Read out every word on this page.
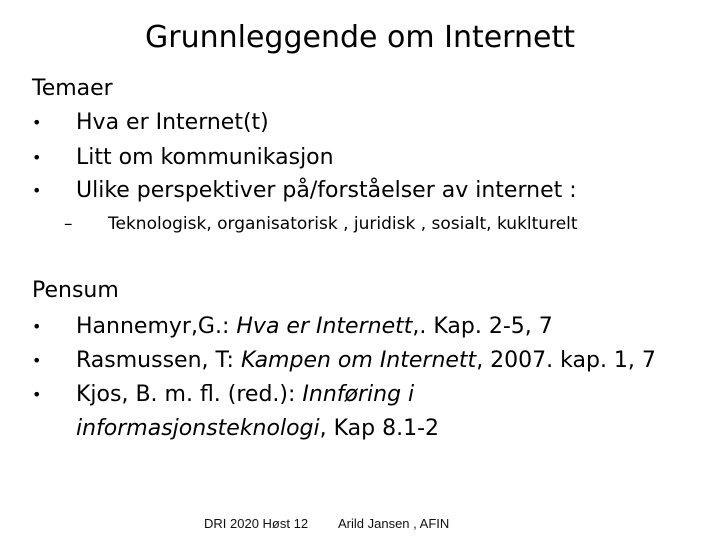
Grunnleggende om Internett
Temaer
•	Hva er Internet(t)
•	Litt om kommunikasjon
•	Ulike perspektiver på/forståelser av internet :
– Teknologisk, organisatorisk , juridisk , sosialt, kuklturelt
Pensum
•	Hannemyr,G.: Hva er Internett,. Kap. 2-5, 7
•	Rasmussen, T: Kampen om Internett, 2007. kap. 1, 7
•	Kjos, B. m. fl. (red.): Innføring i informasjonsteknologi, Kap 8.1-2
DRI 2020 Høst 12 Arild Jansen , AFIN
